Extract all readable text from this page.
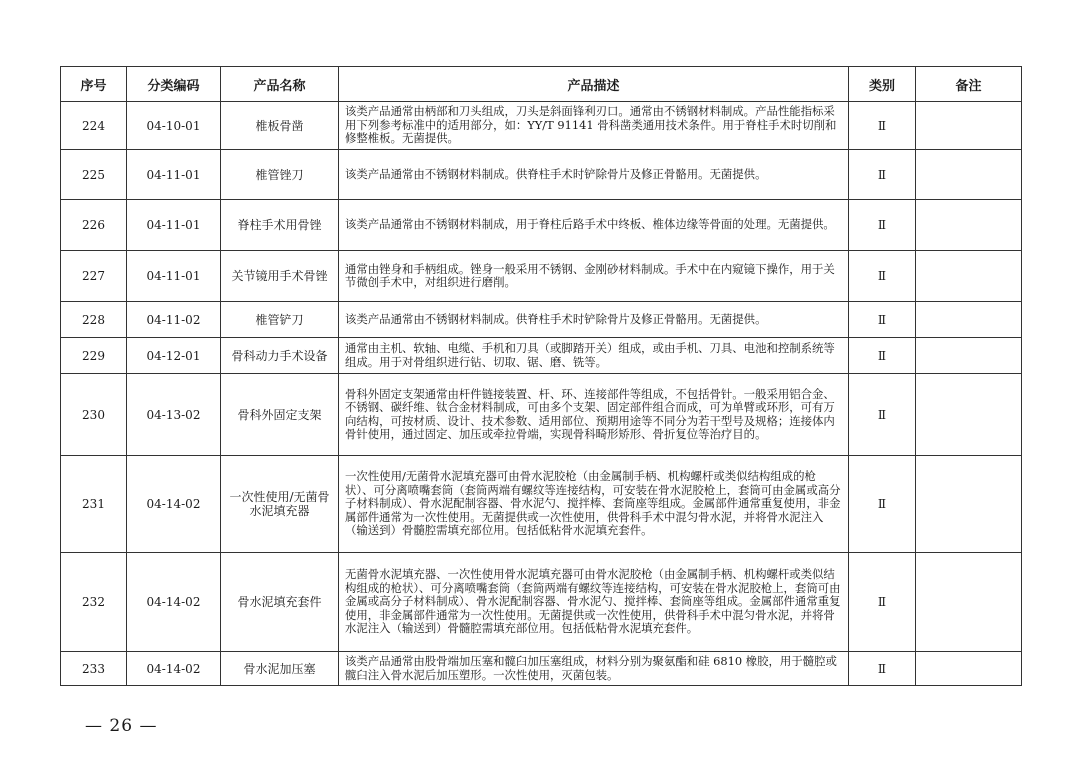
序号	分类编码	产品名称	产品描述	类别	备注
224	04-10-01	椎板骨凿	该类产品通常由柄部和刀头组成，刀头是斜面锋利刃口。通常由不锈钢材料制成。产品性能指标采用下列参考标准中的适用部分，如：YY/T 91141 骨科凿类通用技术条件。用于脊柱手术时切削和修整椎板。无菌提供。	Ⅱ	
225	04-11-01	椎管锉刀	该类产品通常由不锈钢材料制成。供脊柱手术时铲除骨片及修正骨骼用。无菌提供。	Ⅱ	
226	04-11-01	脊柱手术用骨锉	该类产品通常由不锈钢材料制成，用于脊柱后路手术中终板、椎体边缘等骨面的处理。无菌提供。	Ⅱ	
227	04-11-01	关节镜用手术骨锉	通常由锉身和手柄组成。锉身一般采用不锈钢、金刚砂材料制成。手术中在内窥镜下操作，用于关节微创手术中，对组织进行磨削。	Ⅱ	
228	04-11-02	椎管铲刀	该类产品通常由不锈钢材料制成。供脊柱手术时铲除骨片及修正骨骼用。无菌提供。	Ⅱ	
229	04-12-01	骨科动力手术设备	通常由主机、软轴、电缆、手机和刀具（或脚踏开关）组成，或由手机、刀具、电池和控制系统等组成。用于对骨组织进行钻、切取、锯、磨、铣等。	Ⅱ	
230	04-13-02	骨科外固定支架	骨科外固定支架通常由杆件链接装置、杆、环、连接部件等组成，不包括骨针。一般采用铝合金、不锈钢、碳纤维、钛合金材料制成，可由多个支架、固定部件组合而成，可为单臂或环形，可有万向结构，可按材质、设计、技术参数、适用部位、预期用途等不同分为若干型号及规格；连接体内骨针使用，通过固定、加压或牵拉骨端，实现骨科畸形矫形、骨折复位等治疗目的。	Ⅱ	
231	04-14-02	一次性使用/无菌骨水泥填充器	一次性使用/无菌骨水泥填充器可由骨水泥胶枪（由金属制手柄、机构螺杆或类似结构组成的枪状）、可分离喷嘴套筒（套筒两端有螺纹等连接结构，可安装在骨水泥胶枪上，套筒可由金属或高分子材料制成）、骨水泥配制容器、骨水泥勺、搅拌棒、套筒座等组成。金属部件通常重复使用，非金属部件通常为一次性使用。无菌提供或一次性使用，供骨科手术中混匀骨水泥，并将骨水泥注入（输送到）骨髓腔需填充部位用。包括低粘骨水泥填充套件。	Ⅱ	
232	04-14-02	骨水泥填充套件	无菌骨水泥填充器、一次性使用骨水泥填充器可由骨水泥胶枪（由金属制手柄、机构螺杆或类似结构组成的枪状）、可分离喷嘴套筒（套筒两端有螺纹等连接结构，可安装在骨水泥胶枪上，套筒可由金属或高分子材料制成）、骨水泥配制容器、骨水泥勺、搅拌棒、套筒座等组成。金属部件通常重复使用，非金属部件通常为一次性使用。无菌提供或一次性使用，供骨科手术中混匀骨水泥，并将骨水泥注入（输送到）骨髓腔需填充部位用。包括低粘骨水泥填充套件。	Ⅱ	
233	04-14-02	骨水泥加压塞	该类产品通常由股骨端加压塞和髋臼加压塞组成，材料分别为聚氨酯和硅 6810 橡胶，用于髓腔或髋臼注入骨水泥后加压塑形。一次性使用，灭菌包装。	Ⅱ	
— 26 —
